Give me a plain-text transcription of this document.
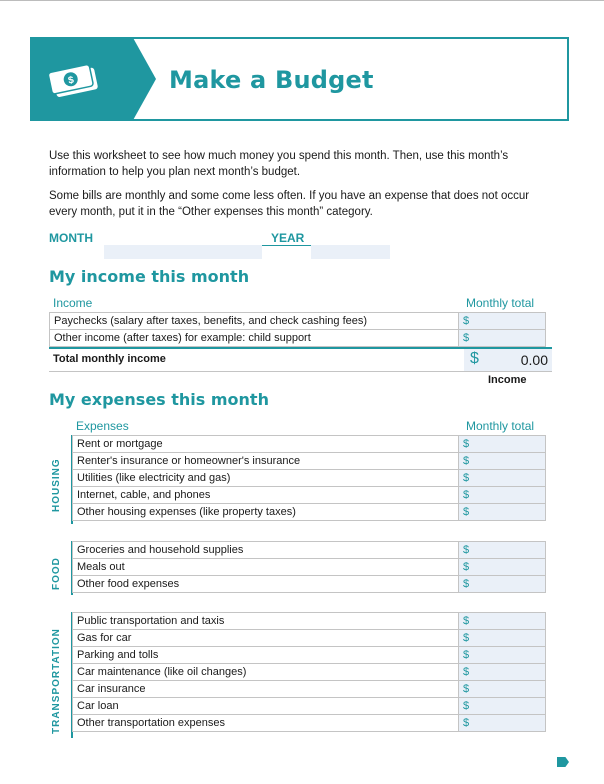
$	Make a Budget

Use this worksheet to see how much money you spend this month. Then, use this month’s information to help you plan next month’s budget.

Some bills are monthly and some come less often. If you have an expense that does not occur every month, put it in the “Other expenses this month” category.

MONTH	YEAR
My income this month
Income	Monthly total
Paychecks (salary after taxes, benefits, and check cashing fees)	$
Other income (after taxes) for example: child support	$
Total monthly income	$	0.00
Income
My expenses this month
Expenses	Monthly total
HOUSING
Rent or mortgage	$
Renter's insurance or homeowner's insurance	$
Utilities (like electricity and gas)	$
Internet, cable, and phones	$
Other housing expenses (like property taxes)	$
FOOD
Groceries and household supplies	$
Meals out	$
Other food expenses	$
TRANSPORTATION
Public transportation and taxis	$
Gas for car	$
Parking and tolls	$
Car maintenance (like oil changes)	$
Car insurance	$
Car loan	$
Other transportation expenses	$
